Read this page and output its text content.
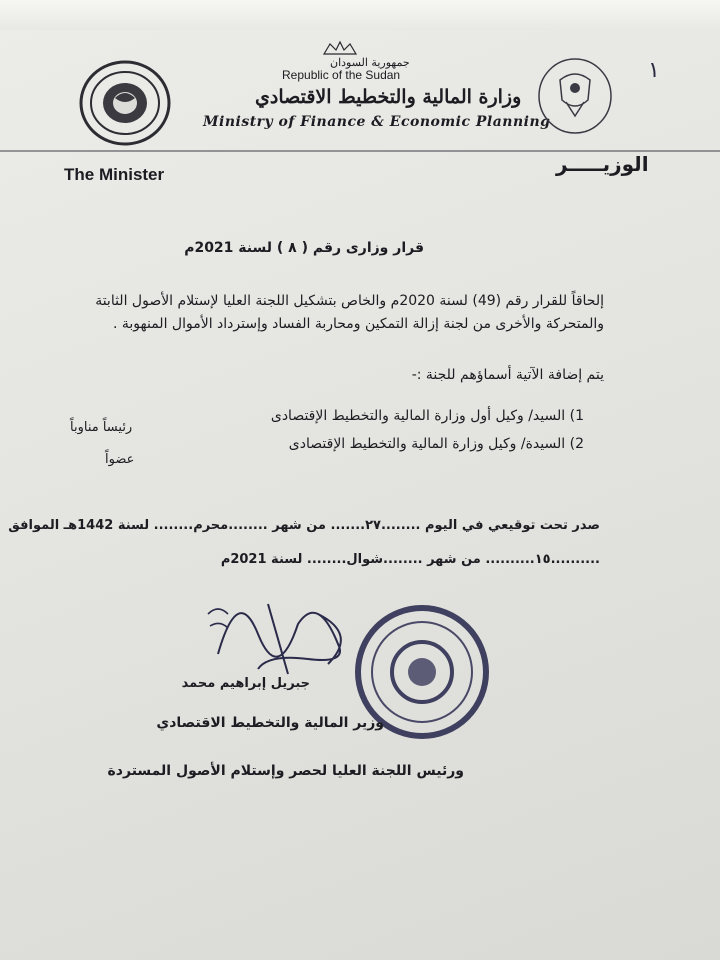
جمهورية السودان
Republic of the Sudan
وزارة المالية والتخطيط الاقتصادي
Ministry of Finance & Economic Planning
‏١
The Minister	الوزيـــــر
قرار وزارى رقم ( ٨ ) لسنة 2021م
إلحاقاً للقرار رقم (49) لسنة 2020م والخاص بتشكيل اللجنة العليا لإستلام الأصول الثابتة
والمتحركة والأخرى من لجنة إزالة التمكين ومحاربة الفساد وإسترداد الأموال المنهوبة .
يتم إضافة الآتية أسماؤهم للجنة :-
1) السيد/ وكيل أول وزارة المالية والتخطيط الإقتصادى
رئيساً مناوباً
2) السيدة/ وكيل وزارة المالية والتخطيط الإقتصادى
عضواً
صدر تحت توقيعي في اليوم ........٢٧....... من شهر ........محرم........ لسنة 1442هـ الموافق
..........١٥.......... من شهر ........شوال........ لسنة 2021م
جبريل إبراهيم محمد
وزير المالية والتخطيط الاقتصادي
ورئيس اللجنة العليا لحصر وإستلام الأصول المستردة
